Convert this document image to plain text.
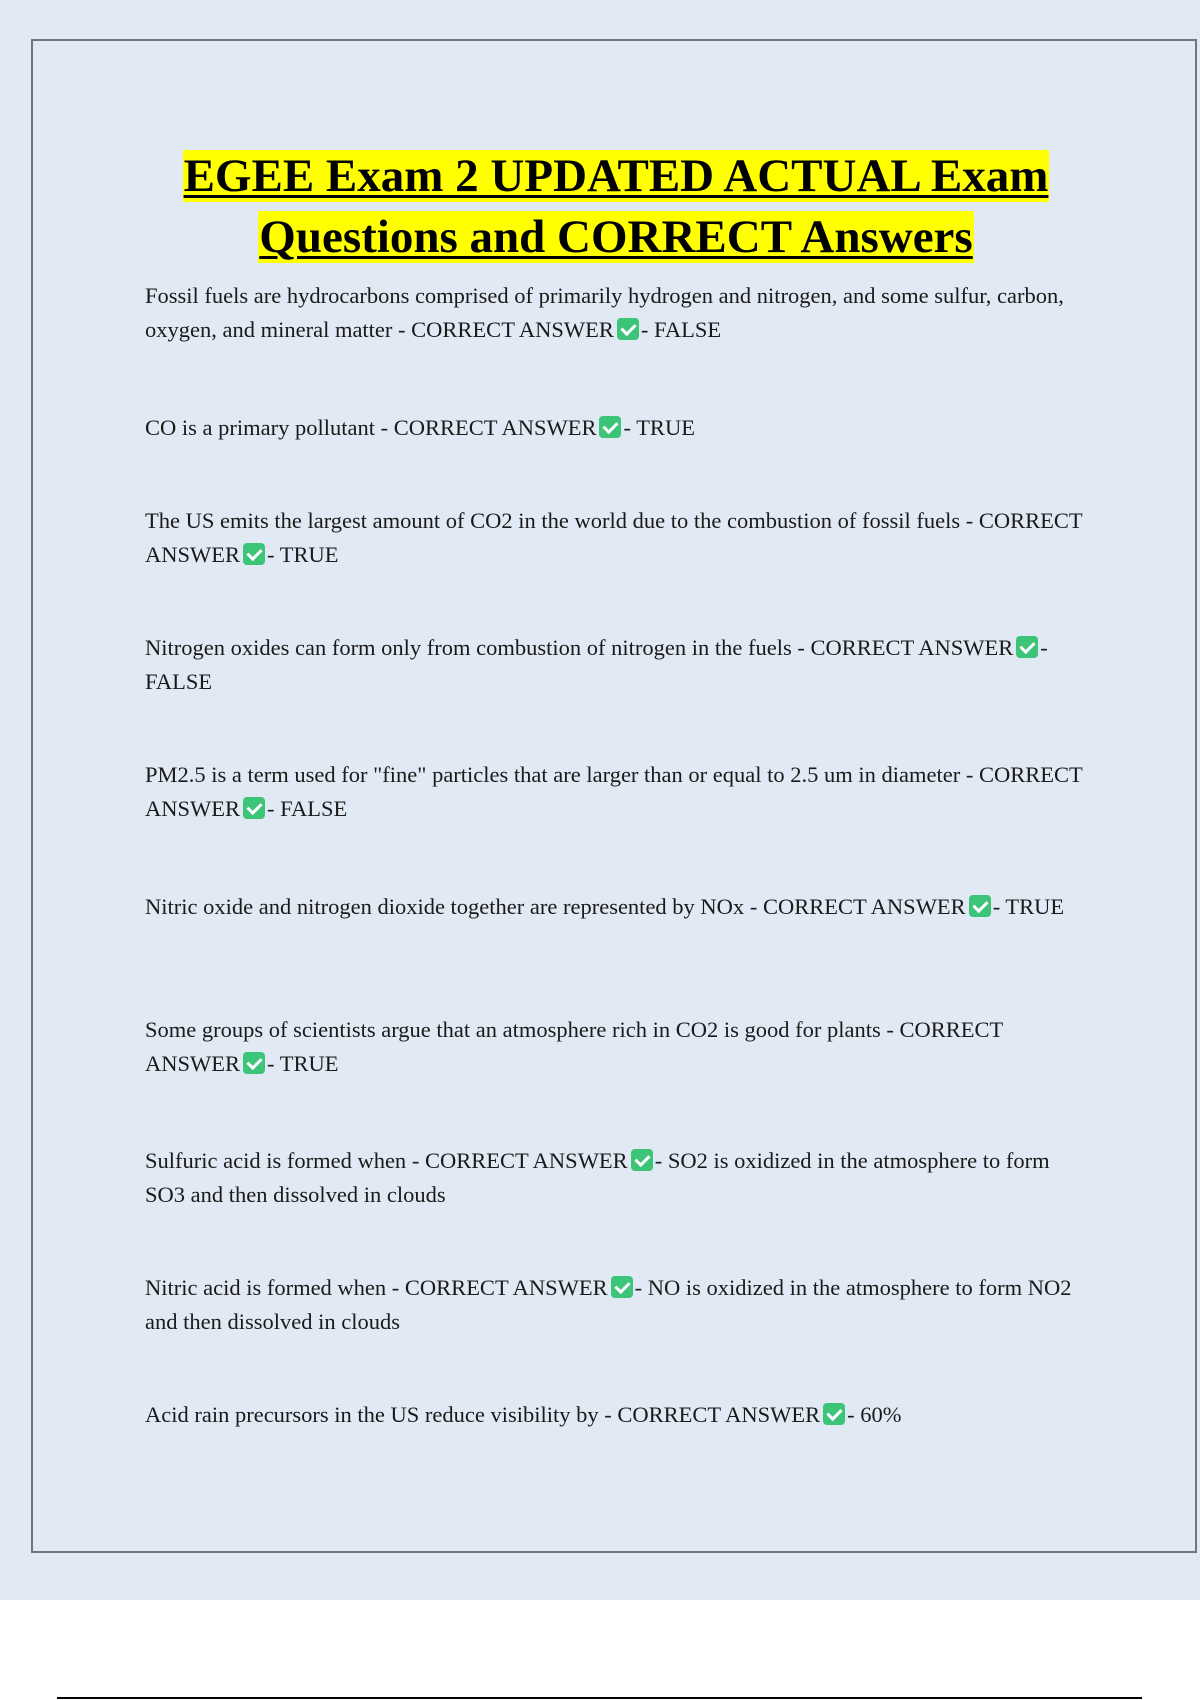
EGEE Exam 2 UPDATED ACTUAL Exam Questions and CORRECT Answers

Fossil fuels are hydrocarbons comprised of primarily hydrogen and nitrogen, and some sulfur, carbon, oxygen, and mineral matter - CORRECT ANSWER - FALSE

CO is a primary pollutant - CORRECT ANSWER - TRUE

The US emits the largest amount of CO2 in the world due to the combustion of fossil fuels - CORRECT ANSWER - TRUE

Nitrogen oxides can form only from combustion of nitrogen in the fuels - CORRECT ANSWER - FALSE

PM2.5 is a term used for "fine" particles that are larger than or equal to 2.5 um in diameter - CORRECT ANSWER - FALSE

Nitric oxide and nitrogen dioxide together are represented by NOx - CORRECT ANSWER - TRUE

Some groups of scientists argue that an atmosphere rich in CO2 is good for plants - CORRECT ANSWER - TRUE

Sulfuric acid is formed when - CORRECT ANSWER - SO2 is oxidized in the atmosphere to form SO3 and then dissolved in clouds

Nitric acid is formed when - CORRECT ANSWER - NO is oxidized in the atmosphere to form NO2 and then dissolved in clouds

Acid rain precursors in the US reduce visibility by - CORRECT ANSWER - 60%
